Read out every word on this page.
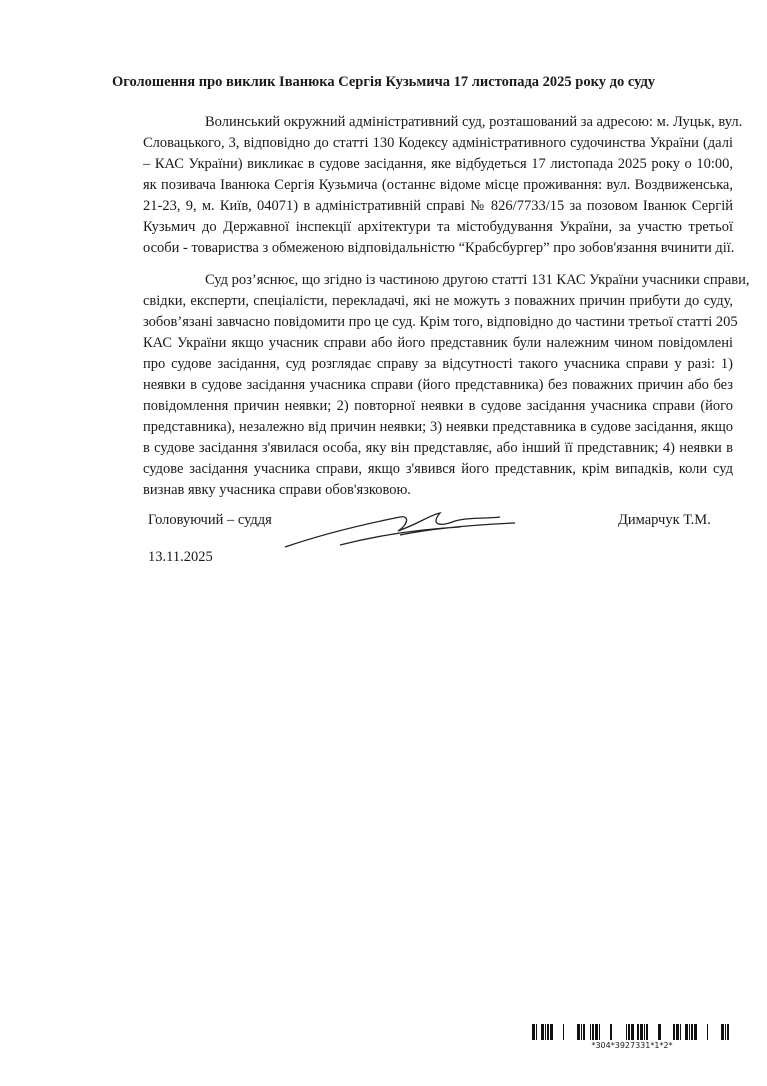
Оголошення про виклик Іванюка Сергія Кузьмича 17 листопада 2025 року до суду
Волинський окружний адміністративний суд, розташований за адресою: м. Луцьк, вул.
Словацького, 3, відповідно до статті 130 Кодексу адміністративного судочинства України (далі
– КАС України) викликає в судове засідання, яке відбудеться 17 листопада 2025 року о 10:00,
як позивача Іванюка Сергія Кузьмича (останнє відоме місце проживання: вул. Воздвиженська,
21-23, 9, м. Київ, 04071) в адміністративній справі № 826/7733/15 за позовом Іванюк Сергій
Кузьмич до Державної інспекції архітектури та містобудування України, за участю третьої
особи - товариства з обмеженою відповідальністю “Крабсбургер” про зобов'язання вчинити дії.
Суд роз’яснює, що згідно із частиною другою статті 131 КАС України учасники справи,
свідки, експерти, спеціалісти, перекладачі, які не можуть з поважних причин прибути до суду,
зобов’язані завчасно повідомити про це суд. Крім того, відповідно до частини третьої статті 205
КАС України якщо учасник справи або його представник були належним чином повідомлені
про судове засідання, суд розглядає справу за відсутності такого учасника справи у разі: 1)
неявки в судове засідання учасника справи (його представника) без поважних причин або без
повідомлення причин неявки; 2) повторної неявки в судове засідання учасника справи (його
представника), незалежно від причин неявки; 3) неявки представника в судове засідання, якщо
в судове засідання з'явилася особа, яку він представляє, або інший її представник; 4) неявки в
судове засідання учасника справи, якщо з'явився його представник, крім випадків, коли суд
визнав явку учасника справи обов'язковою.
Головуючий – суддя	Димарчук Т.М.
13.11.2025
*304*3927331*1*2*
